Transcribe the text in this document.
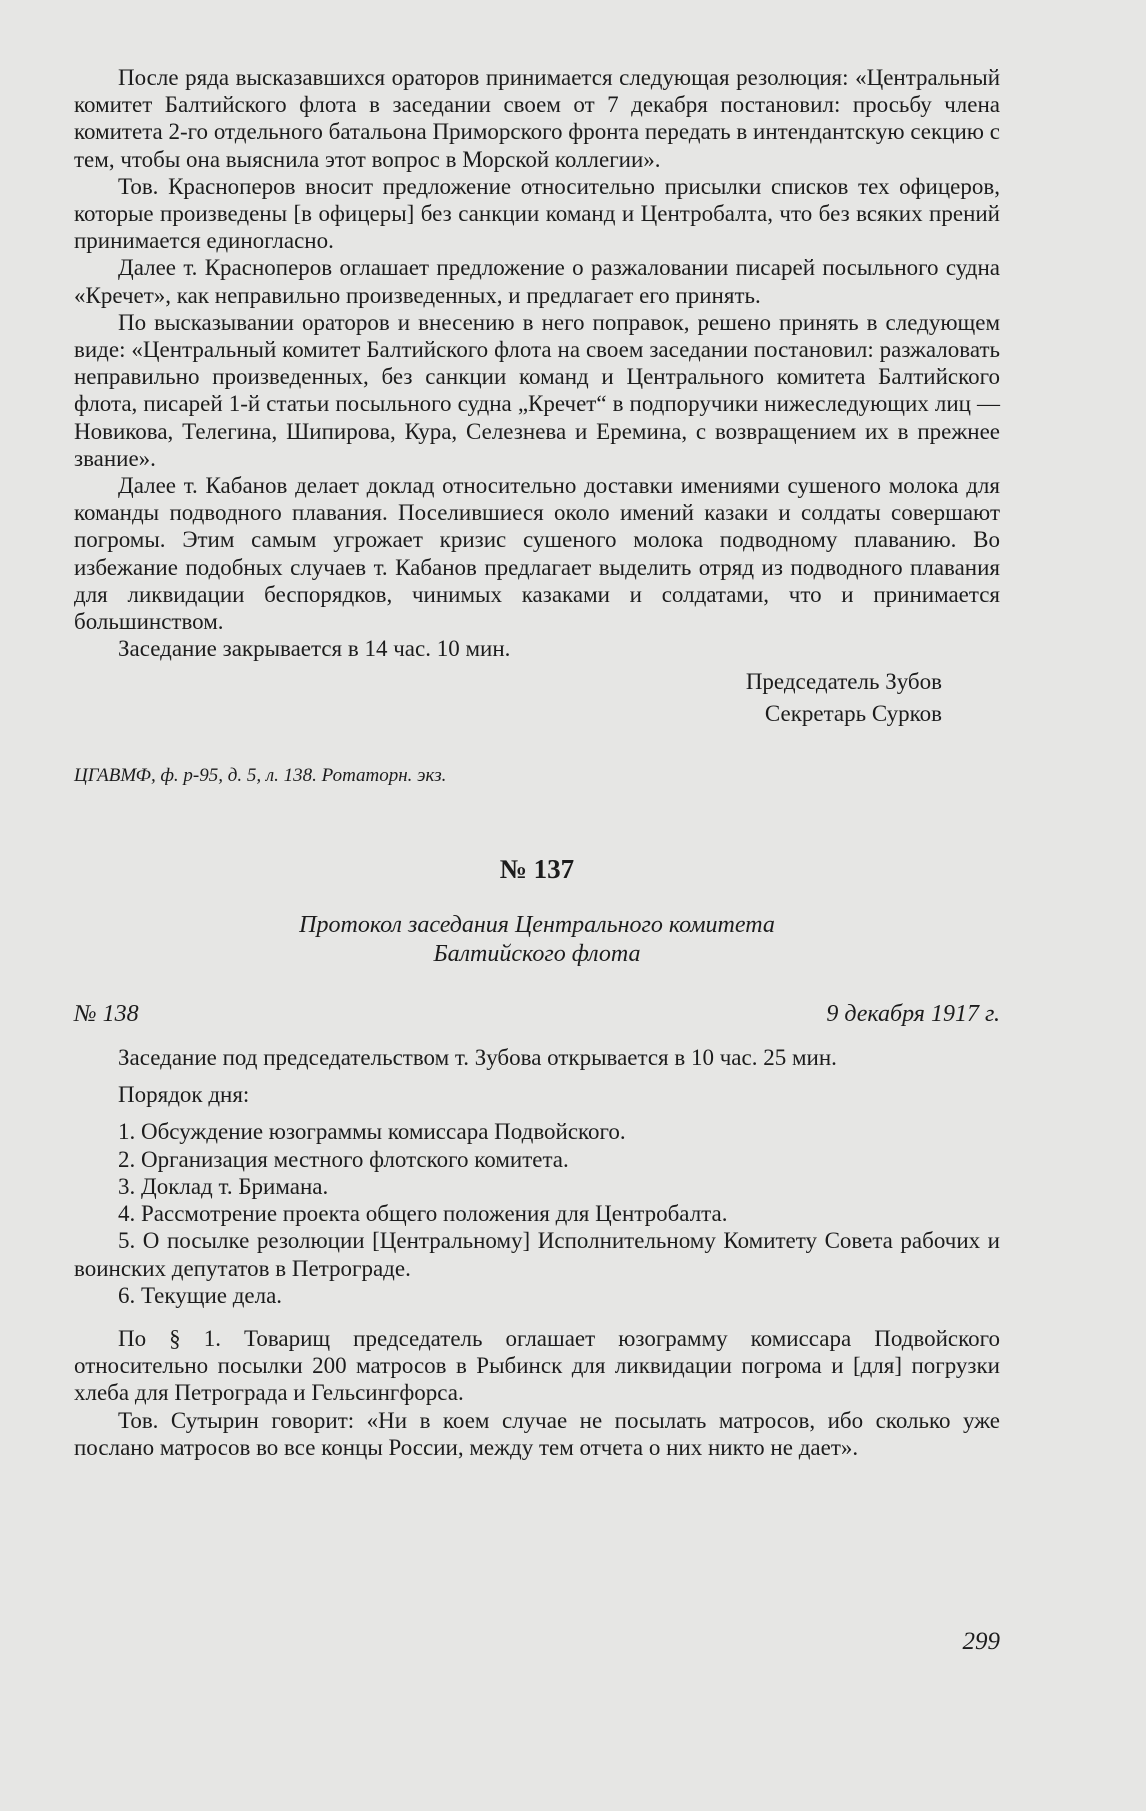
После ряда высказавшихся ораторов принимается следующая резолюция: «Центральный комитет Балтийского флота в заседании своем от 7 декабря постановил: просьбу члена комитета 2-го отдельного батальона Приморского фронта передать в интендантскую секцию с тем, чтобы она выяснила этот вопрос в Морской коллегии».

Тов. Красноперов вносит предложение относительно присылки списков тех офицеров, которые произведены [в офицеры] без санкции команд и Центробалта, что без всяких прений принимается единогласно.

Далее т. Красноперов оглашает предложение о разжаловании писарей посыльного судна «Кречет», как неправильно произведенных, и предлагает его принять.

По высказывании ораторов и внесению в него поправок, решено принять в следующем виде: «Центральный комитет Балтийского флота на своем заседании постановил: разжаловать неправильно произведенных, без санкции команд и Центрального комитета Балтийского флота, писарей 1-й статьи посыльного судна „Кречет“ в подпоручики нижеследующих лиц — Новикова, Телегина, Шипирова, Кура, Селезнева и Еремина, с возвращением их в прежнее звание».

Далее т. Кабанов делает доклад относительно доставки имениями сушеного молока для команды подводного плавания. Поселившиеся около имений казаки и солдаты совершают погромы. Этим самым угрожает кризис сушеного молока подводному плаванию. Во избежание подобных случаев т. Кабанов предлагает выделить отряд из подводного плавания для ликвидации беспорядков, чинимых казаками и солдатами, что и принимается большинством.

Заседание закрывается в 14 час. 10 мин.

Председатель Зубов
Секретарь Сурков
ЦГАВМФ, ф. р-95, д. 5, л. 138. Ротаторн. экз.
№ 137
Протокол заседания Центрального комитета
Балтийского флота
№ 138	9 декабря 1917 г.

Заседание под председательством т. Зубова открывается в 10 час. 25 мин.

Порядок дня:

1. Обсуждение юзограммы комиссара Подвойского.

2. Организация местного флотского комитета.

3. Доклад т. Бримана.

4. Рассмотрение проекта общего положения для Центробалта.

5. О посылке резолюции [Центральному] Исполнительному Комитету Совета рабочих и воинских депутатов в Петрограде.

6. Текущие дела.

По § 1. Товарищ председатель оглашает юзограмму комиссара Подвойского относительно посылки 200 матросов в Рыбинск для ликвидации погрома и [для] погрузки хлеба для Петрограда и Гельсингфорса.

Тов. Сутырин говорит: «Ни в коем случае не посылать матросов, ибо сколько уже послано матросов во все концы России, между тем отчета о них никто не дает».

299
